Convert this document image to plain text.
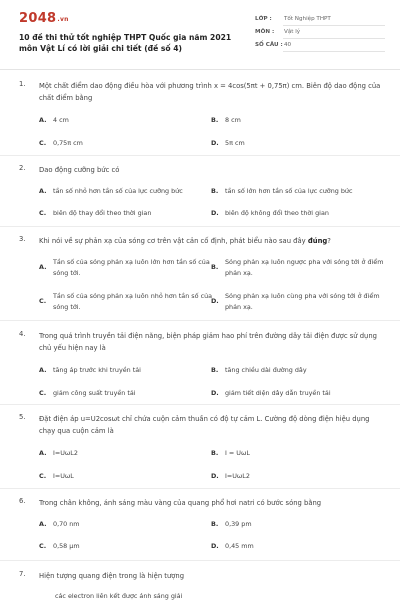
2048.vn
10 đề thi thử tốt nghiệp THPT Quốc gia năm 2021 môn Vật Lí có lời giải chi tiết (đề số 4)
LỚP : Tốt Nghiệp THPT
MÔN : Vật lý
SỐ CÂU : 40
1. Một chất điểm dao động điều hòa với phương trình x = 4cos(5πt + 0,75π) cm. Biên độ dao động của chất điểm bằng
A. 4 cm	B. 8 cm
C. 0,75π cm	D. 5π cm
2. Dao động cưỡng bức có
A. tần số nhỏ hơn tần số của lực cưỡng bức	B. tần số lớn hơn tần số của lực cưỡng bức
C. biên độ thay đổi theo thời gian	D. biên độ không đổi theo thời gian
3. Khi nói về sự phản xạ của sóng cơ trên vật cản cố định, phát biểu nào sau đây đúng?
A.
Tần số của sóng phản xạ luôn lớn hơn tần số của sóng tới.
B.
Sóng phản xạ luôn ngược pha với sóng tới ở điểm phản xạ.
C.
Tần số của sóng phản xạ luôn nhỏ hơn tần số của sóng tới.
D.
Sóng phản xạ luôn cùng pha với sóng tới ở điểm phản xạ.
4. Trong quá trình truyền tải điện năng, biện pháp giảm hao phí trên đường dây tải điện được sử dụng chủ yếu hiện nay là
A. tăng áp trước khi truyền tải	B. tăng chiều dài đường dây
C. giảm công suất truyền tải	D. giảm tiết diện dây dẫn truyền tải
5. Đặt điện áp u=U2cosωt chỉ chứa cuộn cảm thuần có độ tự cảm L. Cường độ dòng điện hiệu dụng chạy qua cuộn cảm là
A. I=UωL2	B. I = UωL
C. I=UωL	D. I=UωL2
6. Trong chân không, ánh sáng màu vàng của quang phổ hơi natri có bước sóng bằng
A. 0,70 nm	B. 0,39 pm
C. 0,58 μm	D. 0,45 mm
7. Hiện tượng quang điện trong là hiện tượng
các electron liên kết được ánh sáng giải
